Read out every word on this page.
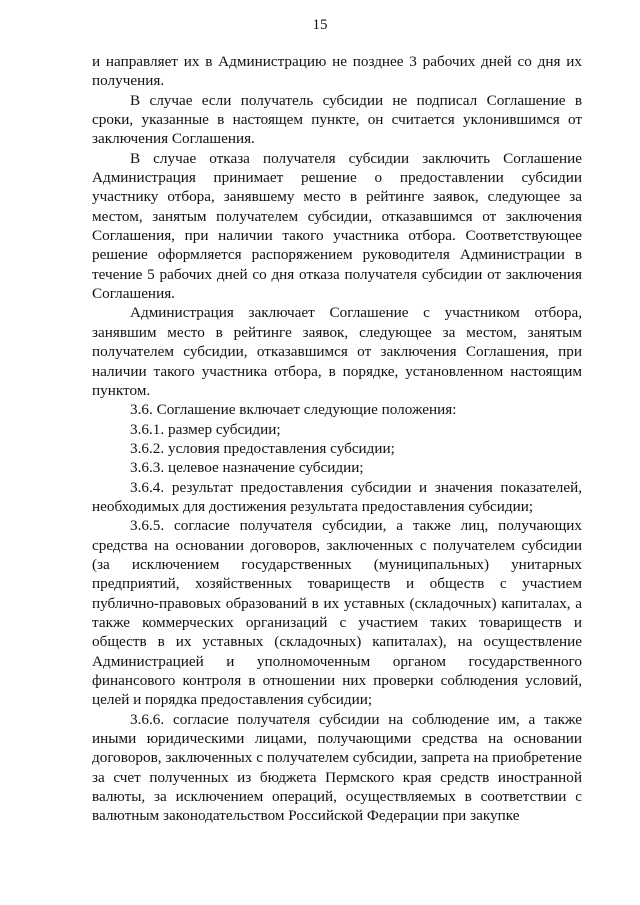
15

и направляет их в Администрацию не позднее 3 рабочих дней со дня их получения.

В случае если получатель субсидии не подписал Соглашение в сроки, указанные в настоящем пункте, он считается уклонившимся от заключения Соглашения.

В случае отказа получателя субсидии заключить Соглашение Администрация принимает решение о предоставлении субсидии участнику отбора, занявшему место в рейтинге заявок, следующее за местом, занятым получателем субсидии, отказавшимся от заключения Соглашения, при наличии такого участника отбора. Соответствующее решение оформляется распоряжением руководителя Администрации в течение 5 рабочих дней со дня отказа получателя субсидии от заключения Соглашения.

Администрация заключает Соглашение с участником отбора, занявшим место в рейтинге заявок, следующее за местом, занятым получателем субсидии, отказавшимся от заключения Соглашения, при наличии такого участника отбора, в порядке, установленном настоящим пунктом.

3.6. Соглашение включает следующие положения:

3.6.1. размер субсидии;

3.6.2. условия предоставления субсидии;

3.6.3. целевое назначение субсидии;

3.6.4. результат предоставления субсидии и значения показателей, необходимых для достижения результата предоставления субсидии;

3.6.5. согласие получателя субсидии, а также лиц, получающих средства на основании договоров, заключенных с получателем субсидии (за исключением государственных (муниципальных) унитарных предприятий, хозяйственных товариществ и обществ с участием публично-правовых образований в их уставных (складочных) капиталах, а также коммерческих организаций с участием таких товариществ и обществ в их уставных (складочных) капиталах), на осуществление Администрацией и уполномоченным органом государственного финансового контроля в отношении них проверки соблюдения условий, целей и порядка предоставления субсидии;

3.6.6. согласие получателя субсидии на соблюдение им, а также иными юридическими лицами, получающими средства на основании договоров, заключенных с получателем субсидии, запрета на приобретение за счет полученных из бюджета Пермского края средств иностранной валюты, за исключением операций, осуществляемых в соответствии с валютным законодательством Российской Федерации при закупке
